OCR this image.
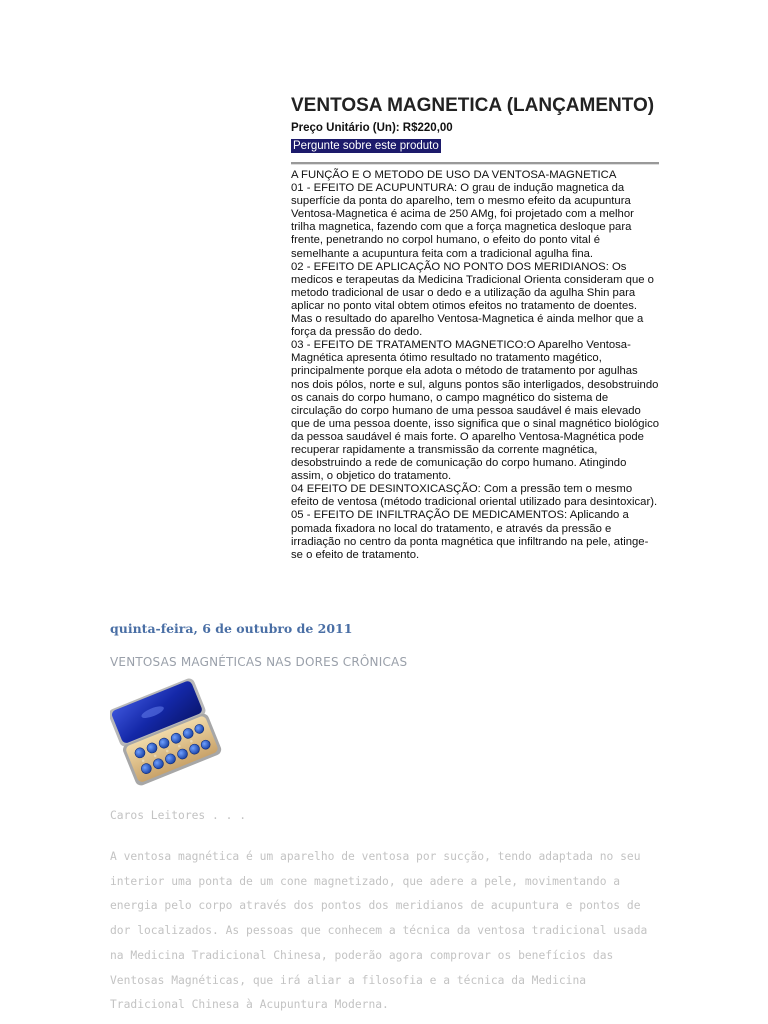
VENTOSA MAGNETICA (LANÇAMENTO)
Preço Unitário (Un): R$220,00
Pergunte sobre este produto

A FUNÇÃO E O METODO DE USO DA VENTOSA-MAGNETICA

01 - EFEITO DE ACUPUNTURA: O grau de indução magnetica da superfície da ponta do aparelho, tem o mesmo efeito da acupuntura Ventosa-Magnetica é acima de 250 AMg, foi projetado com a melhor trilha magnetica, fazendo com que a força magnetica desloque para frente, penetrando no corpol humano, o efeito do ponto vital é semelhante a acupuntura feita com a tradicional agulha fina.

02 - EFEITO DE APLICAÇÃO NO PONTO DOS MERIDIANOS: Os medicos e terapeutas da Medicina Tradicional Orienta consideram que o metodo tradicional de usar o dedo e a utilização da agulha Shin para aplicar no ponto vital obtem otimos efeitos no tratamento de doentes. Mas o resultado do aparelho Ventosa-Magnetica é ainda melhor que a força da pressão do dedo.

03 - EFEITO DE TRATAMENTO MAGNETICO:O Aparelho Ventosa-Magnética apresenta ótimo resultado no tratamento magético, principalmente porque ela adota o método de tratamento por agulhas nos dois pólos, norte e sul, alguns pontos são interligados, desobstruindo os canais do corpo humano, o campo magnético do sistema de circulação do corpo humano de uma pessoa saudável é mais elevado que de uma pessoa doente, isso significa que o sinal magnético biológico da pessoa saudável é mais forte. O aparelho Ventosa-Magnética pode recuperar rapidamente a transmissão da corrente magnética, desobstruindo a rede de comunicação do corpo humano. Atingindo assim, o objetico do tratamento.

04 EFEITO DE DESINTOXICASÇÃO: Com a pressão tem o mesmo efeito de ventosa (método tradicional oriental utilizado para desintoxicar).

05 - EFEITO DE INFILTRAÇÃO DE MEDICAMENTOS: Aplicando a pomada fixadora no local do tratamento, e através da pressão e irradiação no centro da ponta magnética que infiltrando na pele, atinge-se o efeito de tratamento.

quinta-feira, 6 de outubro de 2011
VENTOSAS MAGNÉTICAS NAS DORES CRÔNICAS

Caros Leitores . . .

A ventosa magnética é um aparelho de ventosa por sucção, tendo adaptada no seu interior uma ponta de um cone magnetizado, que adere a pele, movimentando a energia pelo corpo através dos pontos dos meridianos de acupuntura e pontos de dor localizados. As pessoas que conhecem a técnica da ventosa tradicional usada na Medicina Tradicional Chinesa, poderão agora comprovar os benefícios das Ventosas Magnéticas, que irá aliar a filosofia e a técnica da Medicina Tradicional Chinesa à Acupuntura Moderna.
